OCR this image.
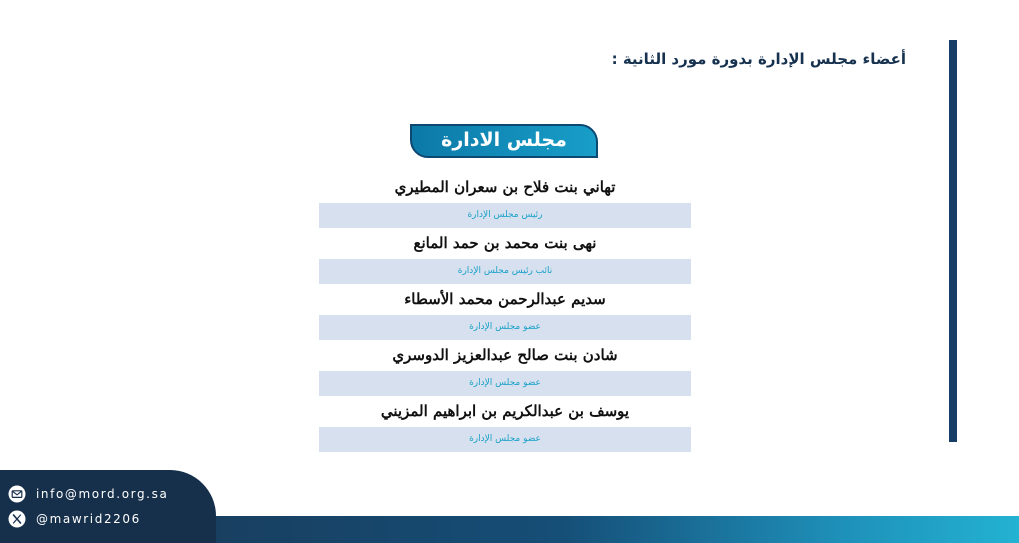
أعضاء مجلس الإدارة بدورة مورد الثانية :
مجلس الادارة
تهاني بنت فلاح بن سعران المطيري
رئيس مجلس الإدارة
نهى بنت محمد بن حمد المانع
نائب رئيس مجلس الإدارة
سديم عبدالرحمن محمد الأسطاء
عضو مجلس الإدارة
شادن بنت صالح عبدالعزيز الدوسري
عضو مجلس الإدارة
يوسف بن عبدالكريم بن ابراهيم المزيني
عضو مجلس الإدارة
info@mord.org.sa
@mawrid2206
